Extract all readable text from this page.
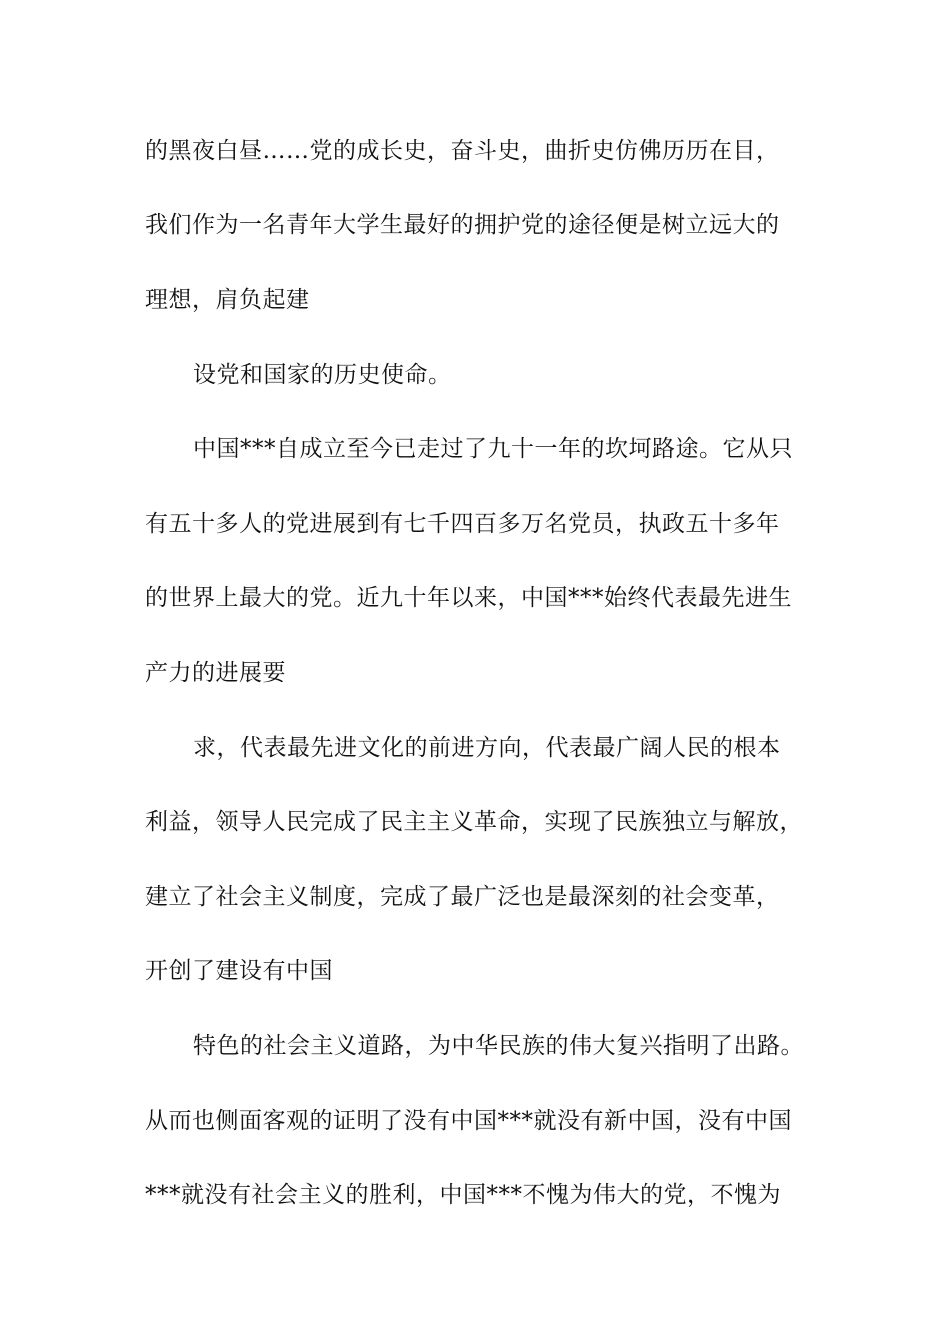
的黑夜白昼……党的成长史，奋斗史，曲折史仿佛历历在目，
我们作为一名青年大学生最好的拥护党的途径便是树立远大的
理想，肩负起建
设党和国家的历史使命。
中国***自成立至今已走过了九十一年的坎坷路途。它从只
有五十多人的党进展到有七千四百多万名党员，执政五十多年
的世界上最大的党。近九十年以来，中国***始终代表最先进生
产力的进展要
求，代表最先进文化的前进方向，代表最广阔人民的根本
利益，领导人民完成了民主主义革命，实现了民族独立与解放，
建立了社会主义制度，完成了最广泛也是最深刻的社会变革，
开创了建设有中国
特色的社会主义道路，为中华民族的伟大复兴指明了出路。
从而也侧面客观的证明了没有中国***就没有新中国，没有中国
***就没有社会主义的胜利，中国***不愧为伟大的党，不愧为
